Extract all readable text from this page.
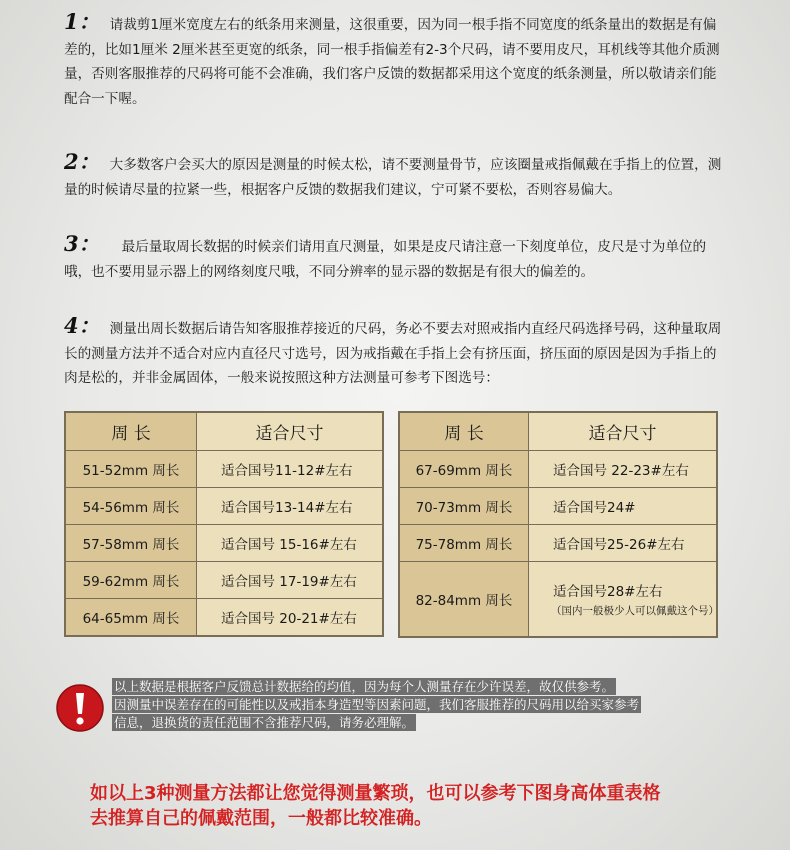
1： 请裁剪1厘米宽度左右的纸条用来测量，这很重要，因为同一根手指不同宽度的纸条量出的数据是有偏差的，比如1厘米 2厘米甚至更宽的纸条，同一根手指偏差有2-3个尺码，请不要用皮尺，耳机线等其他介质测量，否则客服推荐的尺码将可能不会准确，我们客户反馈的数据都采用这个宽度的纸条测量，所以敬请亲们能配合一下喔。
2： 大多数客户会买大的原因是测量的时候太松，请不要测量骨节，应该圈量戒指佩戴在手指上的位置，测量的时候请尽量的拉紧一些，根据客户反馈的数据我们建议，宁可紧不要松，否则容易偏大。
3： 最后量取周长数据的时候亲们请用直尺测量，如果是皮尺请注意一下刻度单位，皮尺是寸为单位的哦，也不要用显示器上的网络刻度尺哦，不同分辨率的显示器的数据是有很大的偏差的。
4： 测量出周长数据后请告知客服推荐接近的尺码，务必不要去对照戒指内直经尺码选择号码，这种量取周长的测量方法并不适合对应内直径尺寸选号，因为戒指戴在手指上会有挤压面，挤压面的原因是因为手指上的肉是松的，并非金属固体，一般来说按照这种方法测量可参考下图选号：
周 长	适合尺寸
51-52mm 周长	适合国号11-12#左右
54-56mm 周长	适合国号13-14#左右
57-58mm 周长	适合国号 15-16#左右
59-62mm 周长	适合国号 17-19#左右
64-65mm 周长	适合国号 20-21#左右
周 长	适合尺寸
67-69mm 周长	适合国号 22-23#左右
70-73mm 周长	适合国号24#
75-78mm 周长	适合国号25-26#左右
82-84mm 周长	适合国号28#左右
（国内一般极少人可以佩戴这个号）
以上数据是根据客户反馈总计数据给的均值，因为每个人测量存在少许误差，故仅供参考。
因测量中误差存在的可能性以及戒指本身造型等因素问题，我们客服推荐的尺码用以给买家参考
信息，退换货的责任范围不含推荐尺码，请务必理解。
如以上3种测量方法都让您觉得测量繁琐，也可以参考下图身高体重表格
去推算自己的佩戴范围，一般都比较准确。
